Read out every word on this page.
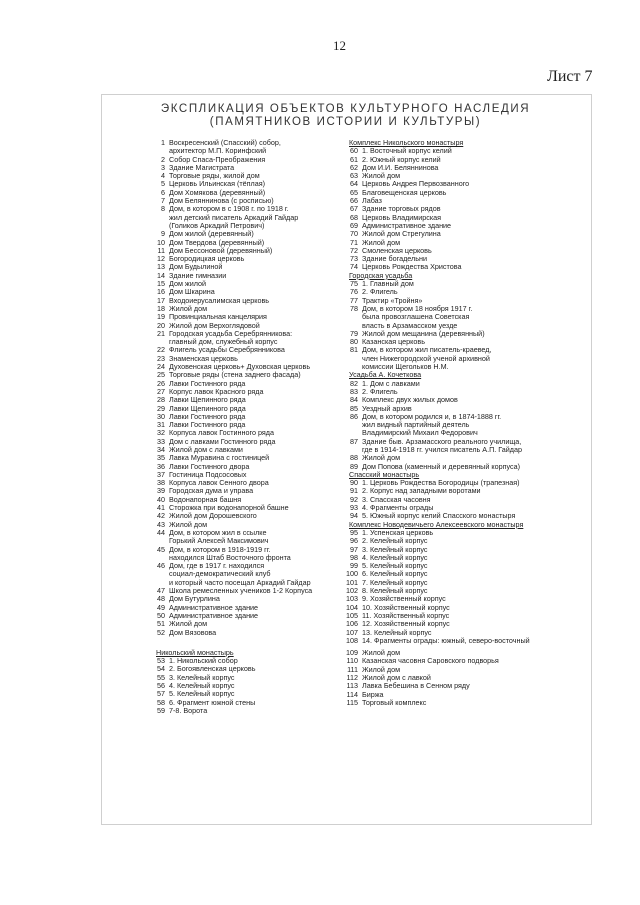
12
Лист 7
ЭКСПЛИКАЦИЯ ОБЪЕКТОВ КУЛЬТУРНОГО НАСЛЕДИЯ
(ПАМЯТНИКОВ ИСТОРИИ И КУЛЬТУРЫ)
1 Воскресенский (Спасский) собор,
архитектор М.П. Коринфский
2 Собор Спаса-Преображения
3 Здание Магистрата
4 Торговые ряды, жилой дом
5 Церковь Ильинская (тёплая)
6 Дом Хомякова (деревянный)
7 Дом Беляннинова (с росписью)
8 Дом, в котором в с 1908 г. по 1918 г.
жил детский писатель Аркадий Гайдар
(Голиков Аркадий Петрович)
9 Дом жилой (деревянный)
10 Дом Твердова (деревянный)
11 Дом Бессоновой (деревянный)
12 Богородицкая церковь
13 Дом Будылиной
14 Здание гимназии
15 Дом жилой
16 Дом Шкарина
17 Входоиерусалимская церковь
18 Жилой дом
19 Провинциальная канцелярия
20 Жилой дом Верхоглядовой
21 Городская усадьба Серебрянникова:
главный дом, служебный корпус
22 Флигель усадьбы Серебрянникова
23 Знаменская церковь
24 Духовенская церковь+ Духовская церковь
25 Торговые ряды (стена заднего фасада)
26 Лавки Гостинного ряда
27 Корпус лавок Красного ряда
28 Лавки Щепинного ряда
29 Лавки Щепинного ряда
30 Лавки Гостинного ряда
31 Лавки Гостинного ряда
32 Корпуса лавок Гостинного ряда
33 Дом с лавками Гостинного ряда
34 Жилой дом с лавками
35 Лавка Муравина с гостиницей
36 Лавки Гостинного двора
37 Гостиница Подсосовых
38 Корпуса лавок Сенного двора
39 Городская дума и управа
40 Водонапорная башня
41 Сторожка при водонапорной башне
42 Жилой дом Дорошевского
43 Жилой дом
44 Дом, в котором жил в ссылке
Горький Алексей Максимович
45 Дом, в котором в 1918-1919 гг.
находился Штаб Восточного фронта
46 Дом, где в 1917 г. находился
социал-демократический клуб
и который часто посещал Аркадий Гайдар
47 Школа ремесленных учеников 1-2 Корпуса
48 Дом Бутурлина
49 Административное здание
50 Административное здание
51 Жилой дом
52 Дом Вязовова
Никольский монастырь
53 1. Никольский собор
54 2. Богоявленская церковь
55 3. Келейный корпус
56 4. Келейный корпус
57 5. Келейный корпус
58 6. Фрагмент южной стены
59 7-8. Ворота
Комплекс Никольского монастыря
60 1. Восточный корпус келий
61 2. Южный корпус келий
62 Дом И.И. Беляннинова
63 Жилой дом
64 Церковь Андрея Первозванного
65 Благовещенская церковь
66 Лабаз
67 Здание торговых рядов
68 Церковь Владимирская
69 Административное здание
70 Жилой дом Стрегулина
71 Жилой дом
72 Смоленская церковь
73 Здание богадельни
74 Церковь Рождества Христова
Городская усадьба
75 1. Главный дом
76 2. Флигель
77 Трактир «Тройня»
78 Дом, в котором 18 ноября 1917 г.
была провозглашена Советская
власть в Арзамасском уезде
79 Жилой дом мещанина (деревянный)
80 Казанская церковь
81 Дом, в котором жил писатель-краевед,
член Нижегородской ученой архивной
комиссии Щегольков Н.М.
Усадьба А. Кочеткова
82 1. Дом с лавками
83 2. Флигель
84 Комплекс двух жилых домов
85 Уездный архив
86 Дом, в котором родился и, в 1874-1888 гг.
жил видный партийный деятель
Владимирский Михаил Федорович
87 Здание быв. Арзамасского реального училища,
где в 1914-1918 гг. учился писатель А.П. Гайдар
88 Жилой дом
89 Дом Попова (каменный и деревянный корпуса)
Спасский монастырь
90 1. Церковь Рождества Богородицы (трапезная)
91 2. Корпус над западными воротами
92 3. Спасская часовня
93 4. Фрагменты ограды
94 5. Южный корпус келий Спасского монастыря
Комплекс Новодевичьего Алексеевского монастыря
95 1. Успенская церковь
96 2. Келейный корпус
97 3. Келейный корпус
98 4. Келейный корпус
99 5. Келейный корпус
100 6. Келейный корпус
101 7. Келейный корпус
102 8. Келейный корпус
103 9. Хозяйственный корпус
104 10. Хозяйственный корпус
105 11. Хозяйственный корпус
106 12. Хозяйственный корпус
107 13. Келейный корпус
108 14. Фрагменты ограды: южный, северо-восточный
109 Жилой дом
110 Казанская часовня Саровского подворья
111 Жилой дом
112 Жилой дом с лавкой
113 Лавка Бебешина в Сенном ряду
114 Биржа
115 Торговый комплекс
